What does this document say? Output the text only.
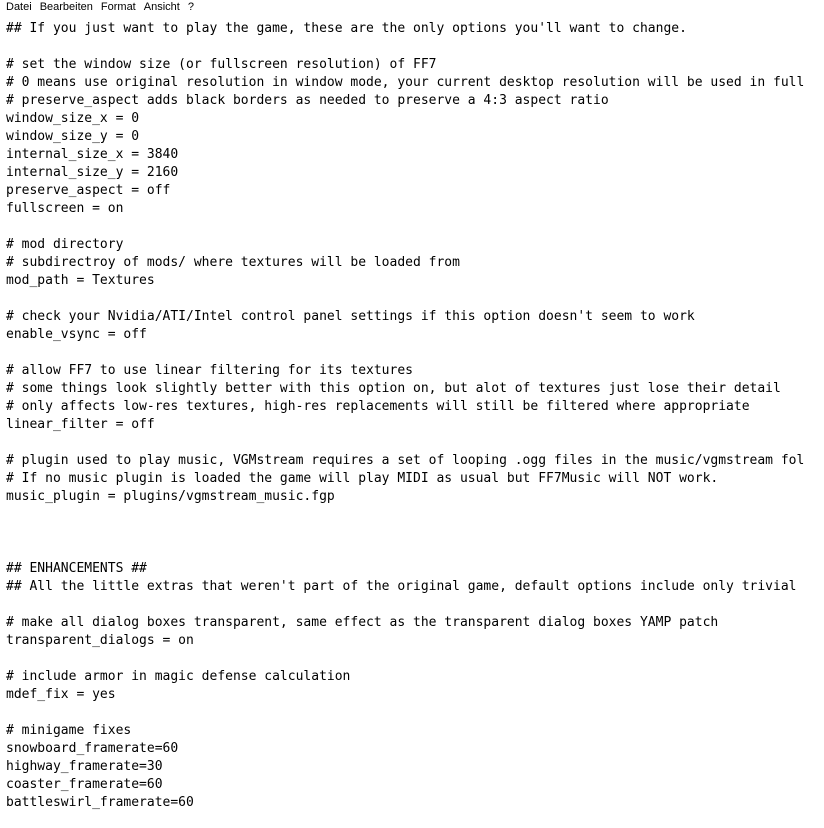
Datei Bearbeiten Format Ansicht ?
## If you just want to play the game, these are the only options you'll want to change.
# set the window size (or fullscreen resolution) of FF7
# 0 means use original resolution in window mode, your current desktop resolution will be used in full
# preserve_aspect adds black borders as needed to preserve a 4:3 aspect ratio
window_size_x = 0
window_size_y = 0
internal_size_x = 3840
internal_size_y = 2160
preserve_aspect = off
fullscreen = on
# mod directory
# subdirectroy of mods/ where textures will be loaded from
mod_path = Textures
# check your Nvidia/ATI/Intel control panel settings if this option doesn't seem to work
enable_vsync = off
# allow FF7 to use linear filtering for its textures
# some things look slightly better with this option on, but alot of textures just lose their detail
# only affects low-res textures, high-res replacements will still be filtered where appropriate
linear_filter = off
# plugin used to play music, VGMstream requires a set of looping .ogg files in the music/vgmstream fol
# If no music plugin is loaded the game will play MIDI as usual but FF7Music will NOT work.
music_plugin = plugins/vgmstream_music.fgp
## ENHANCEMENTS ##
## All the little extras that weren't part of the original game, default options include only trivial
# make all dialog boxes transparent, same effect as the transparent dialog boxes YAMP patch
transparent_dialogs = on
# include armor in magic defense calculation
mdef_fix = yes
# minigame fixes
snowboard_framerate=60
highway_framerate=30
coaster_framerate=60
battleswirl_framerate=60
